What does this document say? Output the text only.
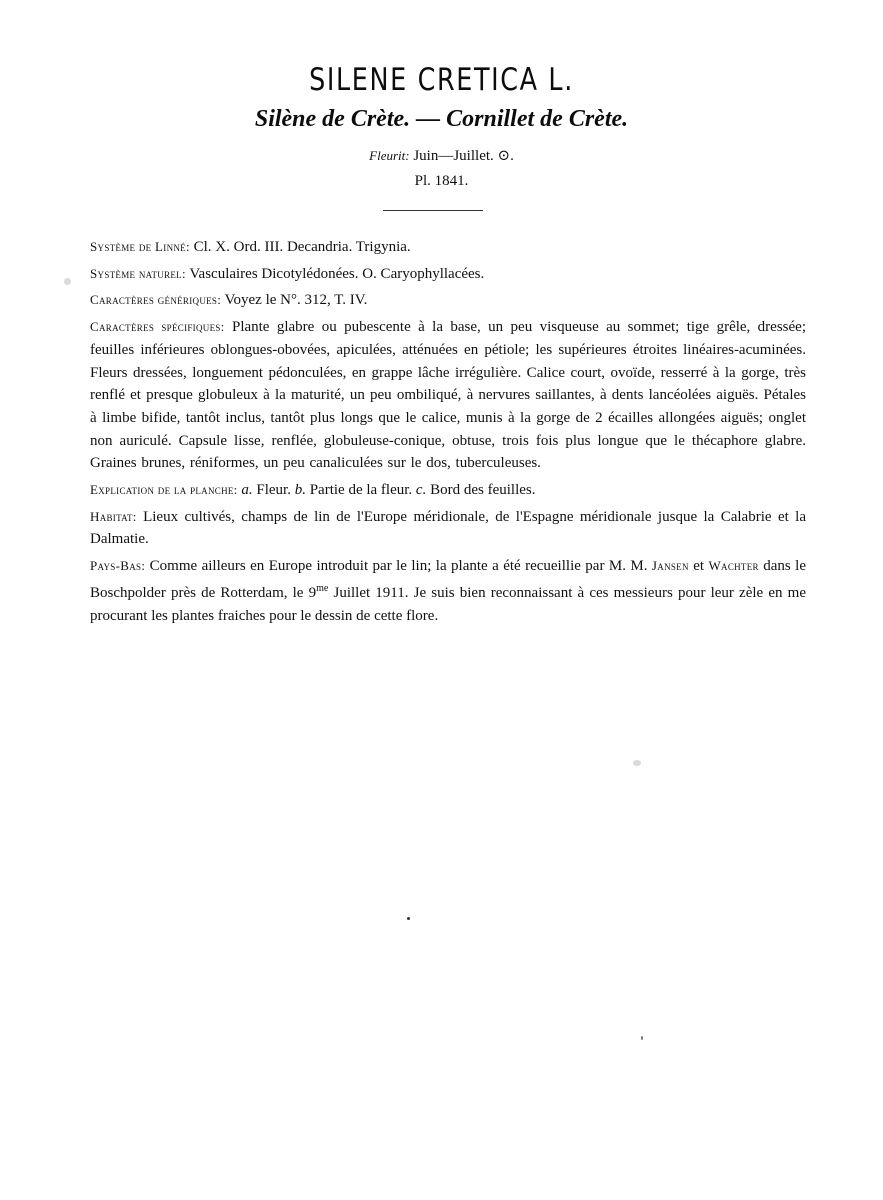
SILENE CRETICA L.
Silène de Crète. — Cornillet de Crète.
Fleurit: Juin—Juillet. ⊙.
Pl. 1841.

Système de Linné: Cl. X. Ord. III. Decandria. Trigynia.

Système naturel: Vasculaires Dicotylédonées. O. Caryophyllacées.

Caractères génériques: Voyez le N°. 312, T. IV.

Caractères spécifiques: Plante glabre ou pubescente à la base, un peu visqueuse au sommet; tige grêle, dressée; feuilles inférieures oblongues-obovées, apiculées, atténuées en pétiole; les supérieures étroites linéaires-acuminées. Fleurs dressées, longuement pédonculées, en grappe lâche irrégulière. Calice court, ovoïde, resserré à la gorge, très renflé et presque globuleux à la maturité, un peu ombiliqué, à nervures saillantes, à dents lancéolées aiguës. Pétales à limbe bifide, tantôt inclus, tantôt plus longs que le calice, munis à la gorge de 2 écailles allongées aiguës; onglet non auriculé. Capsule lisse, renflée, globuleuse-conique, obtuse, trois fois plus longue que le thécaphore glabre. Graines brunes, réniformes, un peu canaliculées sur le dos, tuberculeuses.

Explication de la planche: a. Fleur. b. Partie de la fleur. c. Bord des feuilles.

Habitat: Lieux cultivés, champs de lin de l'Europe méridionale, de l'Espagne méridionale jusque la Calabrie et la Dalmatie.

Pays-Bas: Comme ailleurs en Europe introduit par le lin; la plante a été recueillie par M. M. Jansen et Wachter dans le Boschpolder près de Rotterdam, le $9^{me}$ Juillet 1911. Je suis bien reconnaissant à ces messieurs pour leur zèle en me procurant les plantes fraiches pour le dessin de cette flore.
